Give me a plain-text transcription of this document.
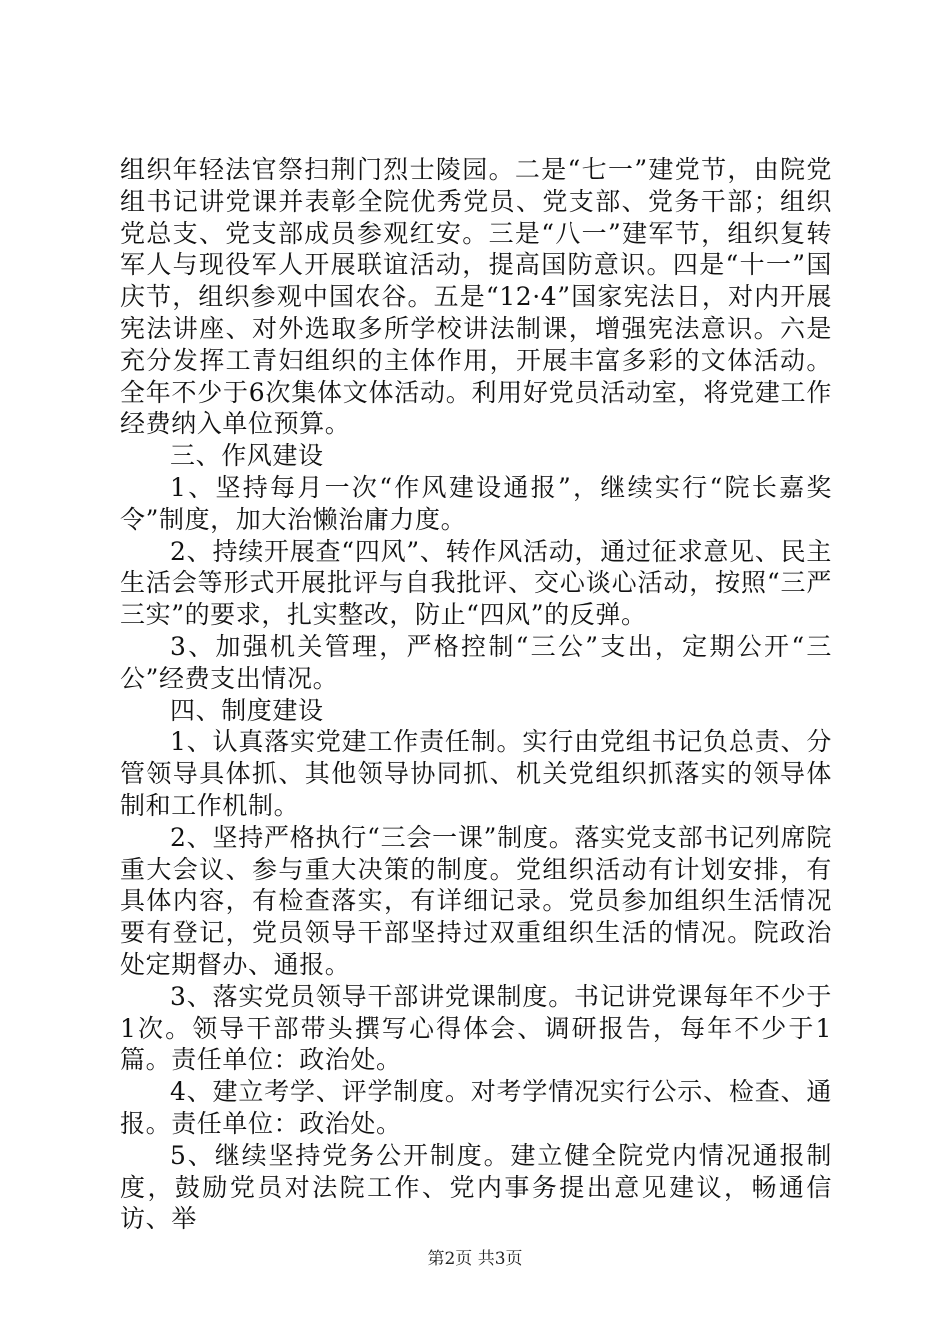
组织年轻法官祭扫荆门烈士陵园。二是“七一”建党节，由院党组书记讲党课并表彰全院优秀党员、党支部、党务干部；组织党总支、党支部成员参观红安。三是“八一”建军节，组织复转军人与现役军人开展联谊活动，提高国防意识。四是“十一”国庆节，组织参观中国农谷。五是“12·4”国家宪法日，对内开展宪法讲座、对外选取多所学校讲法制课，增强宪法意识。六是充分发挥工青妇组织的主体作用，开展丰富多彩的文体活动。全年不少于6次集体文体活动。利用好党员活动室，将党建工作经费纳入单位预算。

三、作风建设

1、坚持每月一次“作风建设通报”，继续实行“院长嘉奖令”制度，加大治懒治庸力度。

2、持续开展查“四风”、转作风活动，通过征求意见、民主生活会等形式开展批评与自我批评、交心谈心活动，按照“三严三实”的要求，扎实整改，防止“四风”的反弹。

3、加强机关管理，严格控制“三公”支出，定期公开“三公”经费支出情况。

四、制度建设

1、认真落实党建工作责任制。实行由党组书记负总责、分管领导具体抓、其他领导协同抓、机关党组织抓落实的领导体制和工作机制。

2、坚持严格执行“三会一课”制度。落实党支部书记列席院重大会议、参与重大决策的制度。党组织活动有计划安排，有具体内容，有检查落实，有详细记录。党员参加组织生活情况要有登记，党员领导干部坚持过双重组织生活的情况。院政治处定期督办、通报。

3、落实党员领导干部讲党课制度。书记讲党课每年不少于1次。领导干部带头撰写心得体会、调研报告，每年不少于1篇。责任单位：政治处。

4、建立考学、评学制度。对考学情况实行公示、检查、通报。责任单位：政治处。

5、继续坚持党务公开制度。建立健全院党内情况通报制度，鼓励党员对法院工作、党内事务提出意见建议，畅通信访、举

第2页 共3页
